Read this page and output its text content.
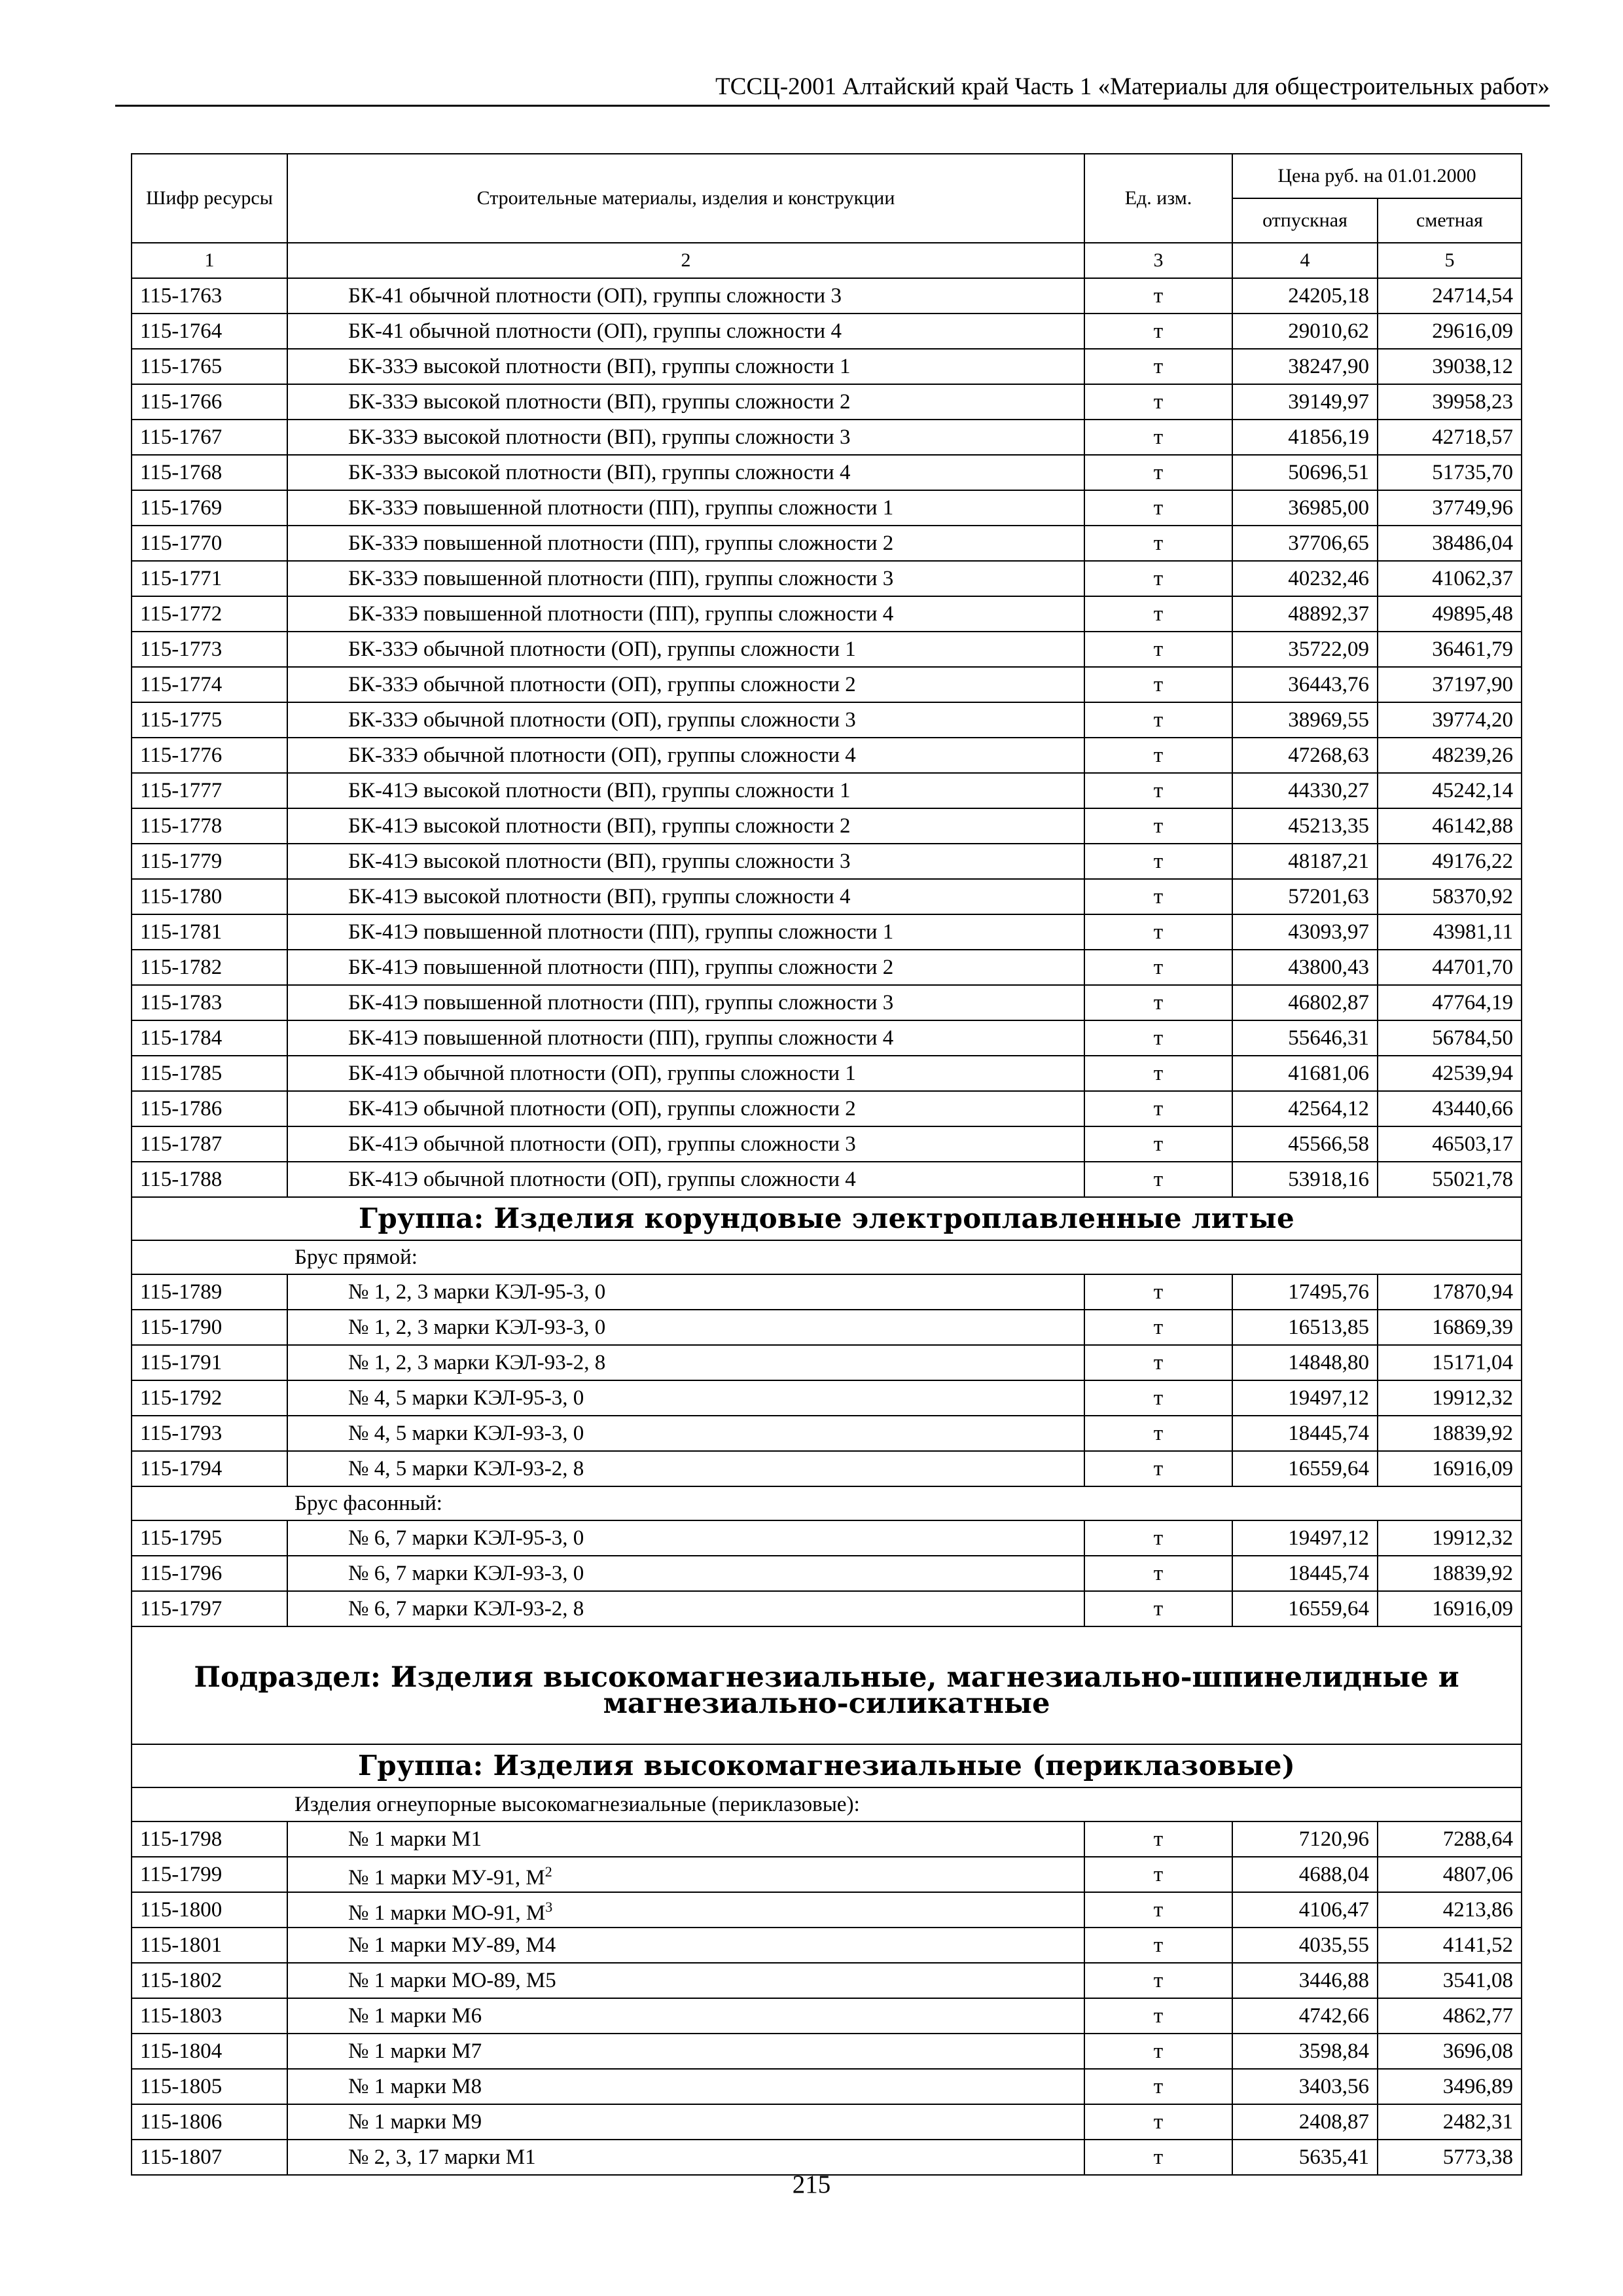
ТССЦ-2001 Алтайский край Часть 1 «Материалы для общестроительных работ»
Шифр ресурсы	Строительные материалы, изделия и конструкции	Ед. изм.	Цена руб. на 01.01.2000	
			отпускная	сметная
1	2	3	4	5
115-1763	БК-41 обычной плотности (ОП), группы сложности 3	т	24205,18	24714,54
115-1764	БК-41 обычной плотности (ОП), группы сложности 4	т	29010,62	29616,09
115-1765	БК-33Э высокой плотности (ВП), группы сложности 1	т	38247,90	39038,12
115-1766	БК-33Э высокой плотности (ВП), группы сложности 2	т	39149,97	39958,23
115-1767	БК-33Э высокой плотности (ВП), группы сложности 3	т	41856,19	42718,57
115-1768	БК-33Э высокой плотности (ВП), группы сложности 4	т	50696,51	51735,70
115-1769	БК-33Э повышенной плотности (ПП), группы сложности 1	т	36985,00	37749,96
115-1770	БК-33Э повышенной плотности (ПП), группы сложности 2	т	37706,65	38486,04
115-1771	БК-33Э повышенной плотности (ПП), группы сложности 3	т	40232,46	41062,37
115-1772	БК-33Э повышенной плотности (ПП), группы сложности 4	т	48892,37	49895,48
115-1773	БК-33Э обычной плотности (ОП), группы сложности 1	т	35722,09	36461,79
115-1774	БК-33Э обычной плотности (ОП), группы сложности 2	т	36443,76	37197,90
115-1775	БК-33Э обычной плотности (ОП), группы сложности 3	т	38969,55	39774,20
115-1776	БК-33Э обычной плотности (ОП), группы сложности 4	т	47268,63	48239,26
115-1777	БК-41Э высокой плотности (ВП), группы сложности 1	т	44330,27	45242,14
115-1778	БК-41Э высокой плотности (ВП), группы сложности 2	т	45213,35	46142,88
115-1779	БК-41Э высокой плотности (ВП), группы сложности 3	т	48187,21	49176,22
115-1780	БК-41Э высокой плотности (ВП), группы сложности 4	т	57201,63	58370,92
115-1781	БК-41Э повышенной плотности (ПП), группы сложности 1	т	43093,97	43981,11
115-1782	БК-41Э повышенной плотности (ПП), группы сложности 2	т	43800,43	44701,70
115-1783	БК-41Э повышенной плотности (ПП), группы сложности 3	т	46802,87	47764,19
115-1784	БК-41Э повышенной плотности (ПП), группы сложности 4	т	55646,31	56784,50
115-1785	БК-41Э обычной плотности (ОП), группы сложности 1	т	41681,06	42539,94
115-1786	БК-41Э обычной плотности (ОП), группы сложности 2	т	42564,12	43440,66
115-1787	БК-41Э обычной плотности (ОП), группы сложности 3	т	45566,58	46503,17
115-1788	БК-41Э обычной плотности (ОП), группы сложности 4	т	53918,16	55021,78
Группа: Изделия корундовые электроплавленные литые				
Брус прямой:				
115-1789	№ 1, 2, 3 марки КЭЛ-95-3, 0	т	17495,76	17870,94
115-1790	№ 1, 2, 3 марки КЭЛ-93-3, 0	т	16513,85	16869,39
115-1791	№ 1, 2, 3 марки КЭЛ-93-2, 8	т	14848,80	15171,04
115-1792	№ 4, 5 марки КЭЛ-95-3, 0	т	19497,12	19912,32
115-1793	№ 4, 5 марки КЭЛ-93-3, 0	т	18445,74	18839,92
115-1794	№ 4, 5 марки КЭЛ-93-2, 8	т	16559,64	16916,09
Брус фасонный:				
115-1795	№ 6, 7 марки КЭЛ-95-3, 0	т	19497,12	19912,32
115-1796	№ 6, 7 марки КЭЛ-93-3, 0	т	18445,74	18839,92
115-1797	№ 6, 7 марки КЭЛ-93-2, 8	т	16559,64	16916,09
Подраздел: Изделия высокомагнезиальные, магнезиально-шпинелидные и магнезиально-силикатные				
Группа: Изделия высокомагнезиальные (периклазовые)				
Изделия огнеупорные высокомагнезиальные (периклазовые):				
115-1798	№ 1 марки М1	т	7120,96	7288,64
115-1799	№ 1 марки МУ-91, $М^2$	т	4688,04	4807,06
115-1800	№ 1 марки МО-91, $М^3$	т	4106,47	4213,86
115-1801	№ 1 марки МУ-89, М4	т	4035,55	4141,52
115-1802	№ 1 марки МО-89, М5	т	3446,88	3541,08
115-1803	№ 1 марки М6	т	4742,66	4862,77
115-1804	№ 1 марки М7	т	3598,84	3696,08
115-1805	№ 1 марки М8	т	3403,56	3496,89
115-1806	№ 1 марки М9	т	2408,87	2482,31
115-1807	№ 2, 3, 17 марки М1	т	5635,41	5773,38
215
